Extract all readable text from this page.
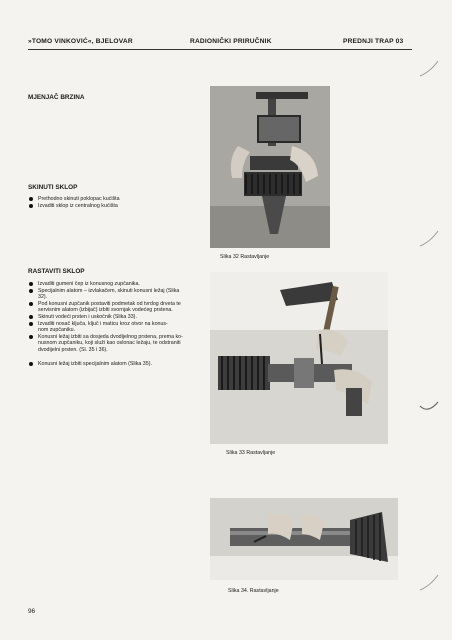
»TOMO VINKOVIĆ«, BJELOVAR	RADIONIČKI PRIRUČNIK	PREDNJI TRAP 03
MJENJAČ BRZINA
Slika 32 Rastavljanje
SKINUTI SKLOP
Prethodno skinuti poklopac kućišta
Izvaditi sklop iz centralnog kućišta
RASTAVITI SKLOP
Izvaditi gumeni čep iz konusnog zupčanika.
Specijalnim alatom – izvlakačem, skinuti konusni ležaj (Slika
32).
Pod konusni zupčanik postaviti podmetak od tvrdog drveta te
servisnim alatom (izbijač) izbiti svornjak vodećeg prstena.
Skinuti vodeći prsten i uskočnik (Slika 33).
Izvaditi nosač ključa, ključ i maticu kroz otvor na konus-
nom zupčaniku.
Konusni ležaj izbiti sa dosjeda dvodijelnog prstena, prema ko-
nusnom zupčaniku, koji služi kao oslonac ležaju, te odstraniti
dvodijelni prsten. (Sl. 35 i 36).
Konusni ležaj izbiti specijalnim alatom (Slika 35).
Slika 33 Rastavljanje
Slika 34. Rastavljanje
96
